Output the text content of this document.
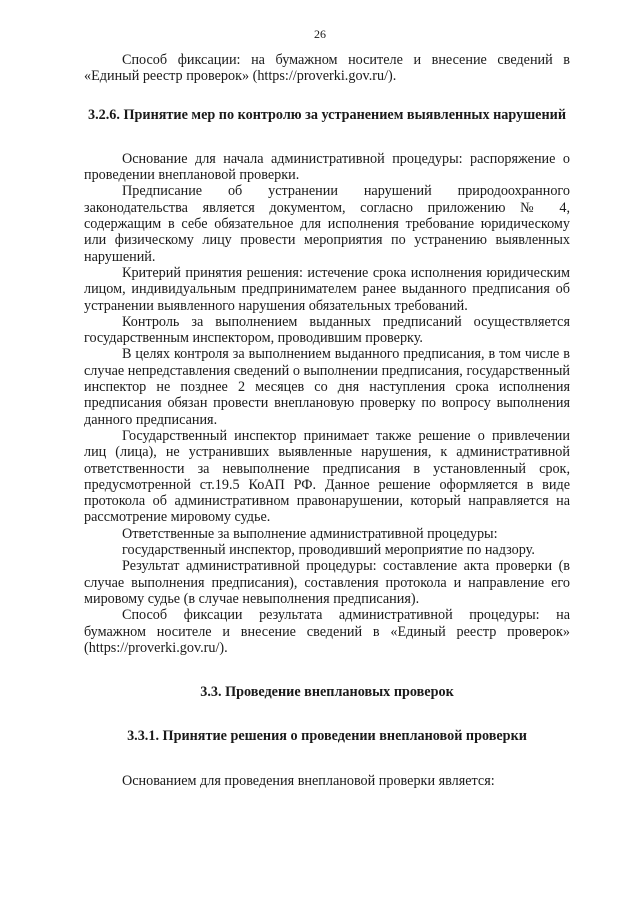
26

Способ фиксации: на бумажном носителе и внесение сведений в «Единый реестр проверок» (https://proverki.gov.ru/).

3.2.6. Принятие мер по контролю за устранением выявленных нарушений

Основание для начала административной процедуры: распоряжение о проведении внеплановой проверки.

Предписание об устранении нарушений природоохранного законодательства является документом, согласно приложению № 4, содержащим в себе обязательное для исполнения требование юридическому или физическому лицу провести мероприятия по устранению выявленных нарушений.

Критерий принятия решения: истечение срока исполнения юридическим лицом, индивидуальным предпринимателем ранее выданного предписания об устранении выявленного нарушения обязательных требований.

Контроль за выполнением выданных предписаний осуществляется государственным инспектором, проводившим проверку.

В целях контроля за выполнением выданного предписания, в том числе в случае непредставления сведений о выполнении предписания, государственный инспектор не позднее 2 месяцев со дня наступления срока исполнения предписания обязан провести внеплановую проверку по вопросу выполнения данного предписания.

Государственный инспектор принимает также решение о привлечении лиц (лица), не устранивших выявленные нарушения, к административной ответственности за невыполнение предписания в установленный срок, предусмотренной ст.19.5 КоАП РФ. Данное решение оформляется в виде протокола об административном правонарушении, который направляется на рассмотрение мировому судье.

Ответственные за выполнение административной процедуры:

государственный инспектор, проводивший мероприятие по надзору.

Результат административной процедуры: составление акта проверки (в случае выполнения предписания), составления протокола и направление его мировому судье (в случае невыполнения предписания).

Способ фиксации результата административной процедуры: на бумажном носителе и внесение сведений в «Единый реестр проверок» (https://proverki.gov.ru/).

3.3. Проведение внеплановых проверок
3.3.1. Принятие решения о проведении внеплановой проверки

Основанием для проведения внеплановой проверки является:
